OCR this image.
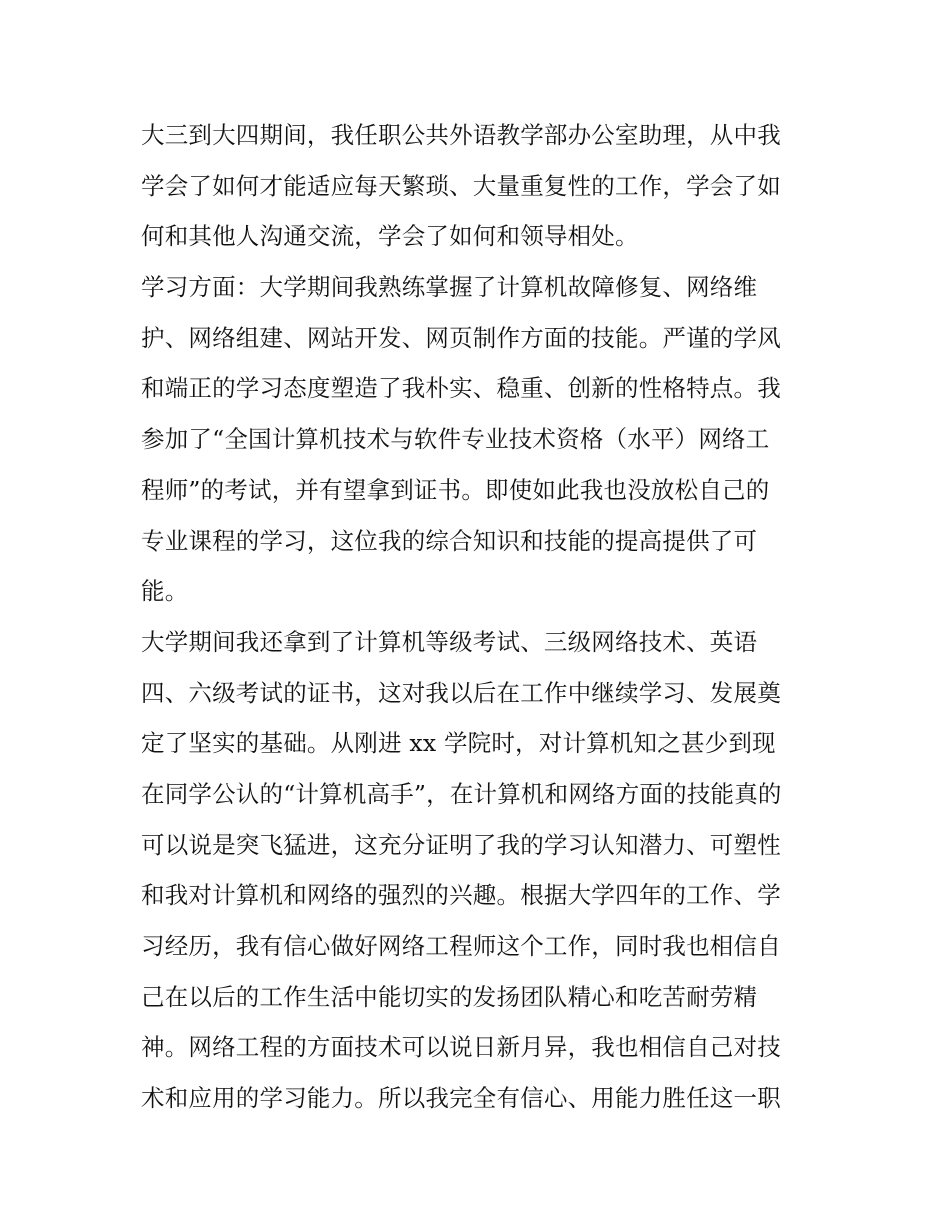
大三到大四期间，我任职公共外语教学部办公室助理，从中我
学会了如何才能适应每天繁琐、大量重复性的工作，学会了如
何和其他人沟通交流，学会了如何和领导相处。
学习方面：大学期间我熟练掌握了计算机故障修复、网络维
护、网络组建、网站开发、网页制作方面的技能。严谨的学风
和端正的学习态度塑造了我朴实、稳重、创新的性格特点。我
参加了“全国计算机技术与软件专业技术资格（水平）网络工
程师”的考试，并有望拿到证书。即使如此我也没放松自己的
专业课程的学习，这位我的综合知识和技能的提高提供了可
能。
大学期间我还拿到了计算机等级考试、三级网络技术、英语
四、六级考试的证书，这对我以后在工作中继续学习、发展奠
定了坚实的基础。从刚进 xx 学院时，对计算机知之甚少到现
在同学公认的“计算机高手”，在计算机和网络方面的技能真的
可以说是突飞猛进，这充分证明了我的学习认知潜力、可塑性
和我对计算机和网络的强烈的兴趣。根据大学四年的工作、学
习经历，我有信心做好网络工程师这个工作，同时我也相信自
己在以后的工作生活中能切实的发扬团队精心和吃苦耐劳精
神。网络工程的方面技术可以说日新月异，我也相信自己对技
术和应用的学习能力。所以我完全有信心、用能力胜任这一职
